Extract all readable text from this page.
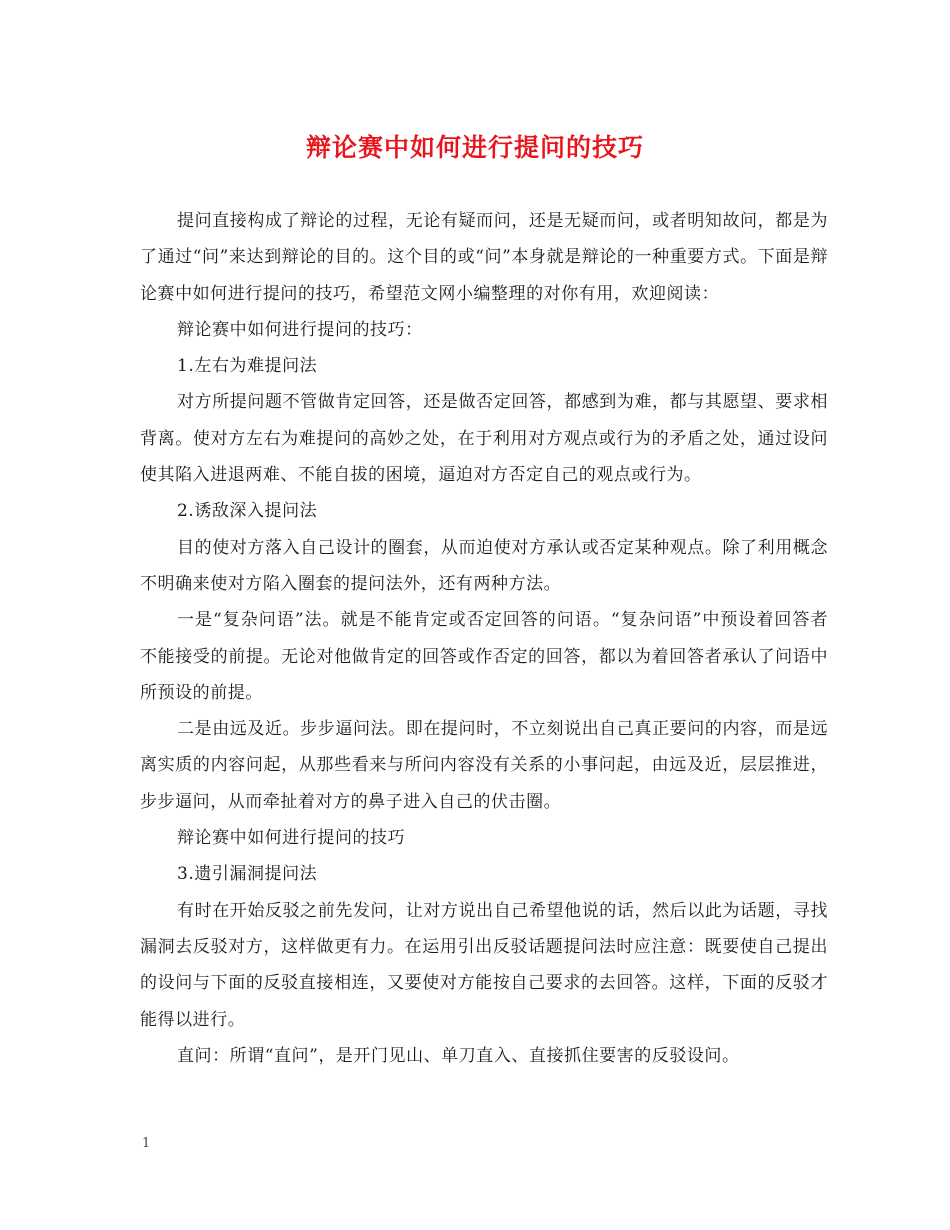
辩论赛中如何进行提问的技巧

提问直接构成了辩论的过程，无论有疑而问，还是无疑而问，或者明知故问，都是为了通过“问”来达到辩论的目的。这个目的或“问”本身就是辩论的一种重要方式。下面是辩论赛中如何进行提问的技巧，希望范文网小编整理的对你有用，欢迎阅读：

辩论赛中如何进行提问的技巧：

1.左右为难提问法

对方所提问题不管做肯定回答，还是做否定回答，都感到为难，都与其愿望、要求相背离。使对方左右为难提问的高妙之处，在于利用对方观点或行为的矛盾之处，通过设问使其陷入进退两难、不能自拔的困境，逼迫对方否定自己的观点或行为。

2.诱敌深入提问法

目的使对方落入自己设计的圈套，从而迫使对方承认或否定某种观点。除了利用概念不明确来使对方陷入圈套的提问法外，还有两种方法。

一是“复杂问语”法。就是不能肯定或否定回答的问语。“复杂问语”中预设着回答者不能接受的前提。无论对他做肯定的回答或作否定的回答，都以为着回答者承认了问语中所预设的前提。

二是由远及近。步步逼问法。即在提问时，不立刻说出自己真正要问的内容，而是远离实质的内容问起，从那些看来与所问内容没有关系的小事问起，由远及近，层层推进，步步逼问，从而牵扯着对方的鼻子进入自己的伏击圈。

辩论赛中如何进行提问的技巧

3.遗引漏洞提问法

有时在开始反驳之前先发问，让对方说出自己希望他说的话，然后以此为话题，寻找漏洞去反驳对方，这样做更有力。在运用引出反驳话题提问法时应注意：既要使自己提出的设问与下面的反驳直接相连，又要使对方能按自己要求的去回答。这样，下面的反驳才能得以进行。

直问：所谓“直问”，是开门见山、单刀直入、直接抓住要害的反驳设问。

1
